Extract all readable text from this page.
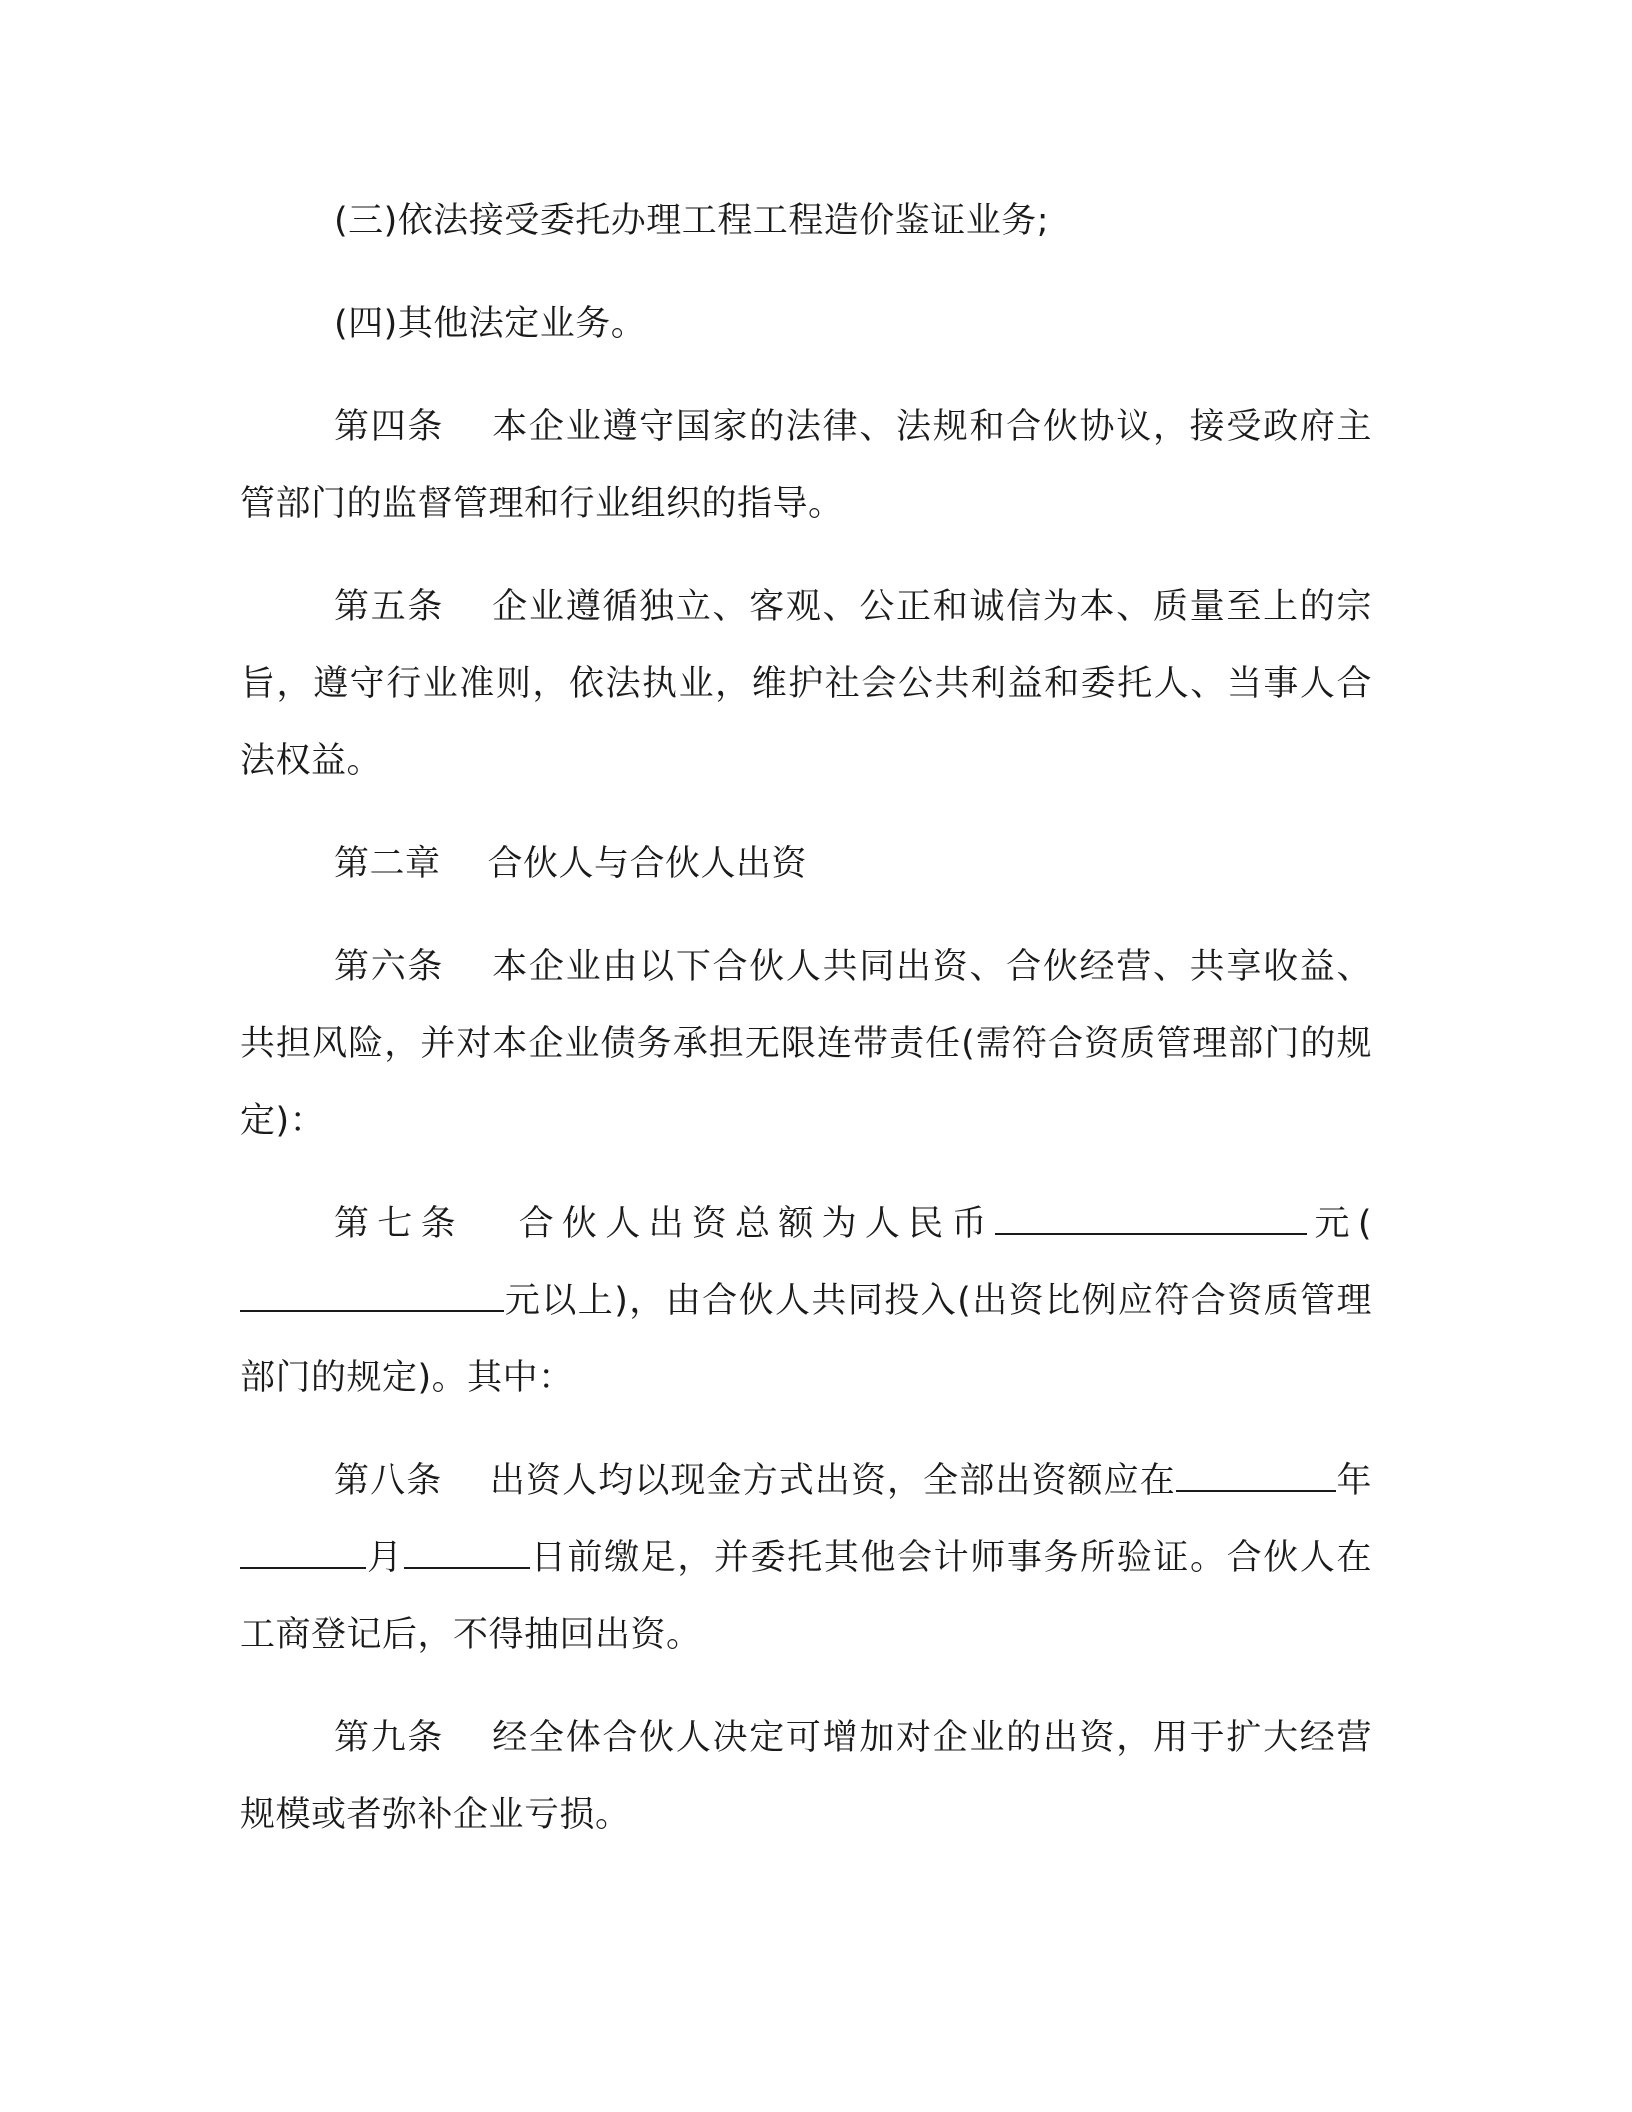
(三)依法接受委托办理工程工程造价鉴证业务;

(四)其他法定业务。

第四条 本企业遵守国家的法律、法规和合伙协议，接受政府主管部门的监督管理和行业组织的指导。

第五条 企业遵循独立、客观、公正和诚信为本、质量至上的宗旨，遵守行业准则，依法执业，维护社会公共利益和委托人、当事人合法权益。

第二章 合伙人与合伙人出资

第六条 本企业由以下合伙人共同出资、合伙经营、共享收益、共担风险，并对本企业债务承担无限连带责任(需符合资质管理部门的规定)：

第七条 合伙人出资总额为人民币	元(元以上)，由合伙人共同投入(出资比例应符合资质管理部门的规定)。其中：

第八条 出资人均以现金方式出资，全部出资额应在	年月	日前缴足，并委托其他会计师事务所验证。合伙人在工商登记后，不得抽回出资。

第九条 经全体合伙人决定可增加对企业的出资，用于扩大经营规模或者弥补企业亏损。
